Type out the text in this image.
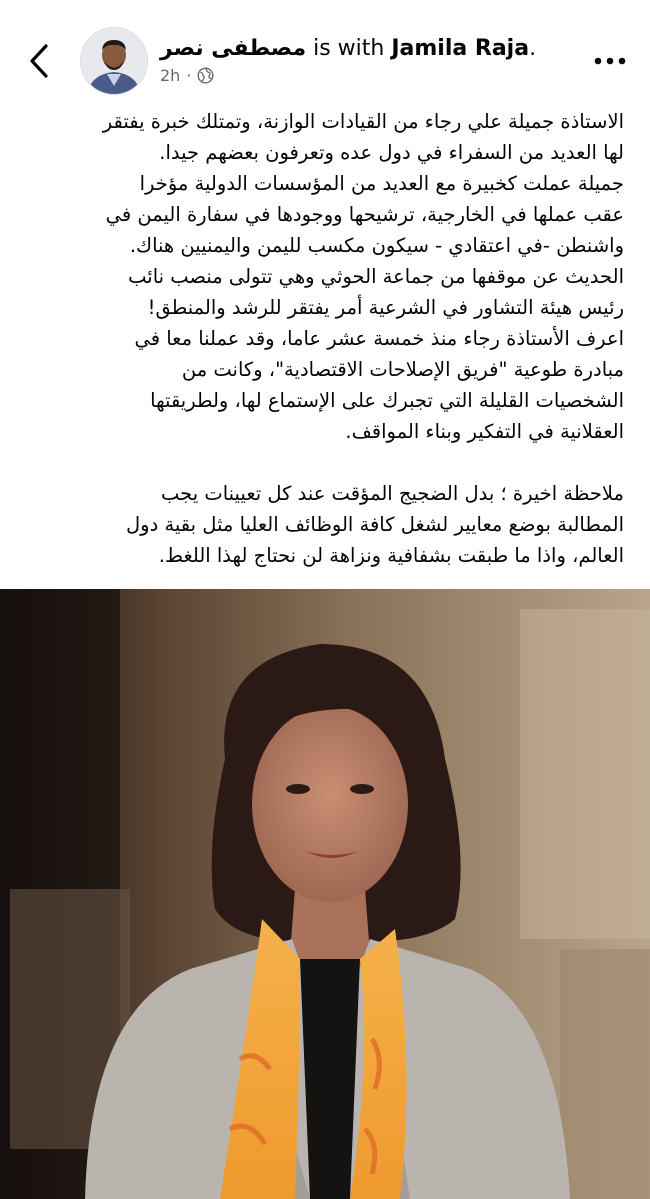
مصطفى نصر is with Jamila Raja.
2h ·
الاستاذة جميلة علي رجاء من القيادات الوازنة، وتمتلك خبرة يفتقر
لها العديد من السفراء في دول عده وتعرفون بعضهم جيدا.
جميلة عملت كخبيرة مع العديد من المؤسسات الدولية مؤخرا
عقب عملها في الخارجية، ترشيحها ووجودها في سفارة اليمن في
واشنطن -في اعتقادي - سيكون مكسب لليمن واليمنيين هناك.
الحديث عن موقفها من جماعة الحوثي وهي تتولى منصب نائب
رئيس هيئة التشاور في الشرعية أمر يفتقر للرشد والمنطق!
اعرف الأستاذة رجاء منذ خمسة عشر عاما، وقد عملنا معا في
مبادرة طوعية "فريق الإصلاحات الاقتصادية"، وكانت من
الشخصيات القليلة التي تجبرك على الإستماع لها، ولطريقتها
العقلانية في التفكير وبناء المواقف.
ملاحظة اخيرة ؛ بدل الضجيج المؤقت عند كل تعيينات يجب
المطالبة بوضع معايير لشغل كافة الوظائف العليا مثل بقية دول
العالم، واذا ما طبقت بشفافية ونزاهة لن نحتاج لهذا اللغط.
